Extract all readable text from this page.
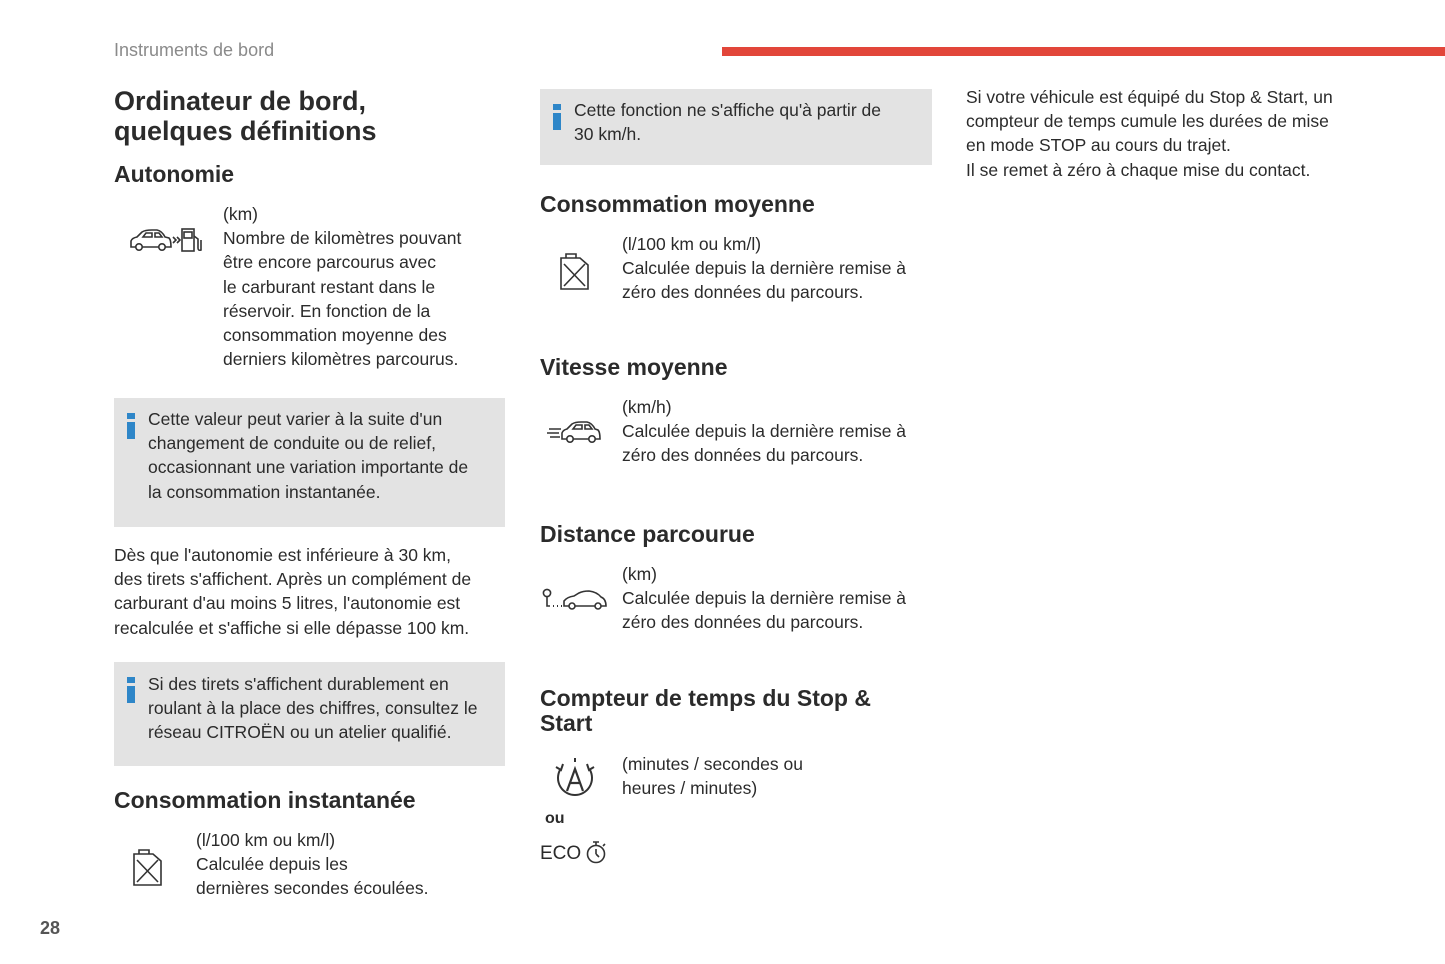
Instruments de bord
Ordinateur de bord,
quelques définitions
Autonomie
(km)
Nombre de kilomètres pouvant
être encore parcourus avec
le carburant restant dans le
réservoir. En fonction de la
consommation moyenne des
derniers kilomètres parcourus.
Cette valeur peut varier à la suite d'un
changement de conduite ou de relief,
occasionnant une variation importante de
la consommation instantanée.
Dès que l'autonomie est inférieure à 30 km,
des tirets s'affichent. Après un complément de
carburant d'au moins 5 litres, l'autonomie est
recalculée et s'affiche si elle dépasse 100 km.
Si des tirets s'affichent durablement en
roulant à la place des chiffres, consultez le
réseau CITROËN ou un atelier qualifié.
Consommation instantanée
(l/100 km ou km/l)
Calculée depuis les
dernières secondes écoulées.
28
Cette fonction ne s'affiche qu'à partir de
30 km/h.
Consommation moyenne
(l/100 km ou km/l)
Calculée depuis la dernière remise à
zéro des données du parcours.
Vitesse moyenne
(km/h)
Calculée depuis la dernière remise à
zéro des données du parcours.
Distance parcourue
(km)
Calculée depuis la dernière remise à
zéro des données du parcours.
Compteur de temps du Stop &
Start
ou
ECO
(minutes / secondes ou
heures / minutes)
Si votre véhicule est équipé du Stop & Start, un
compteur de temps cumule les durées de mise
en mode STOP au cours du trajet.
Il se remet à zéro à chaque mise du contact.
